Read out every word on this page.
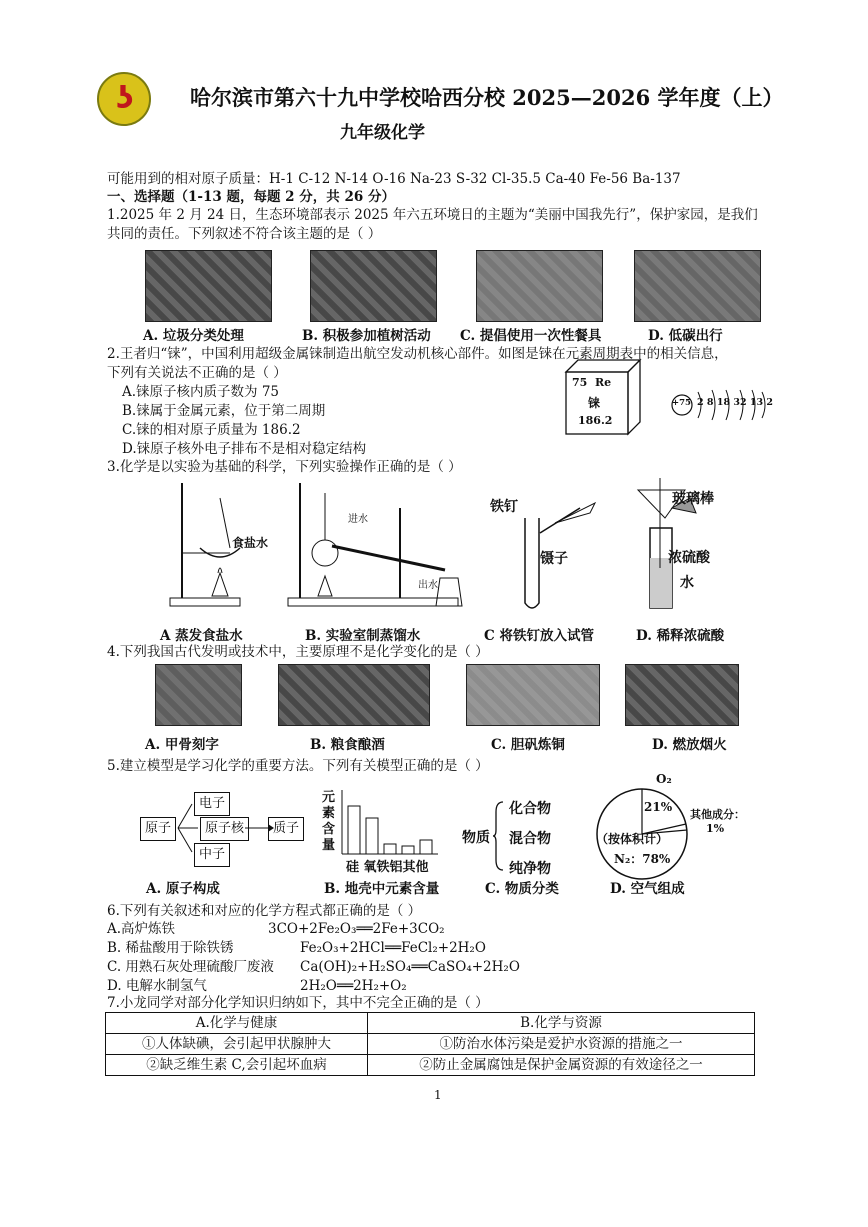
ʖ	哈尔滨市第六十九中学校哈西分校 2025—2026 学年度（上）
九年级化学
可能用到的相对原子质量：H-1 C-12 N-14 O-16 Na-23 S-32 Cl-35.5 Ca-40 Fe-56 Ba-137
一、选择题（1-13 题，每题 2 分，共 26 分）
1.2025 年 2 月 24 日，生态环境部表示 2025 年六五环境日的主题为“美丽中国我先行”，保护家园，是我们
共同的责任。下列叙述不符合该主题的是（ ）
A. 垃圾分类处理	B. 积极参加植树活动 C. 提倡使用一次性餐具	D. 低碳出行
2.王者归“铼”，中国利用超级金属铼制造出航空发动机核心部件。如图是铼在元素周期表中的相关信息，
下列有关说法不正确的是（ ）
A.铼原子核内质子数为 75
B.铼属于金属元素，位于第二周期
C.铼的相对原子质量为 186.2
D.铼原子核外电子排布不是相对稳定结构
75 Re
铼
186.2
+75 2 8 18 32 13 2
3.化学是以实验为基础的科学，下列实验操作正确的是（ ）
食盐水
进水
出水
铁钉
镊子
玻璃棒
浓硫酸
水
A 蒸发食盐水	B. 实验室制蒸馏水	C 将铁钉放入试管	D. 稀释浓硫酸
4.下列我国古代发明或技术中，主要原理不是化学变化的是（ ）
A. 甲骨刻字	B. 粮食酿酒	C. 胆矾炼铜	D. 燃放烟火
5.建立模型是学习化学的重要方法。下列有关模型正确的是（ ）
原子
电子
原子核	质子
中子
元素含量
硅 氧铁铝其他
物质
化合物
混合物
纯净物
O₂
21%
其他成分：
1%
（按体积计）
N₂：78%
A. 原子构成	B. 地壳中元素含量	C. 物质分类	D. 空气组成
6.下列有关叙述和对应的化学方程式都正确的是（ ）
A.高炉炼铁	3CO+2Fe₂O₃══2Fe+3CO₂
B. 稀盐酸用于除铁锈	Fe₂O₃+2HCl══FeCl₂+2H₂O
C. 用熟石灰处理硫酸厂废液 Ca(OH)₂+H₂SO₄══CaSO₄+2H₂O
D. 电解水制氢气	2H₂O══2H₂+O₂
7.小龙同学对部分化学知识归纳如下，其中不完全正确的是（ ）
A.化学与健康	B.化学与资源
①人体缺碘，会引起甲状腺肿大	①防治水体污染是爱护水资源的措施之一
②缺乏维生素 C,会引起坏血病	②防止金属腐蚀是保护金属资源的有效途径之一
1
